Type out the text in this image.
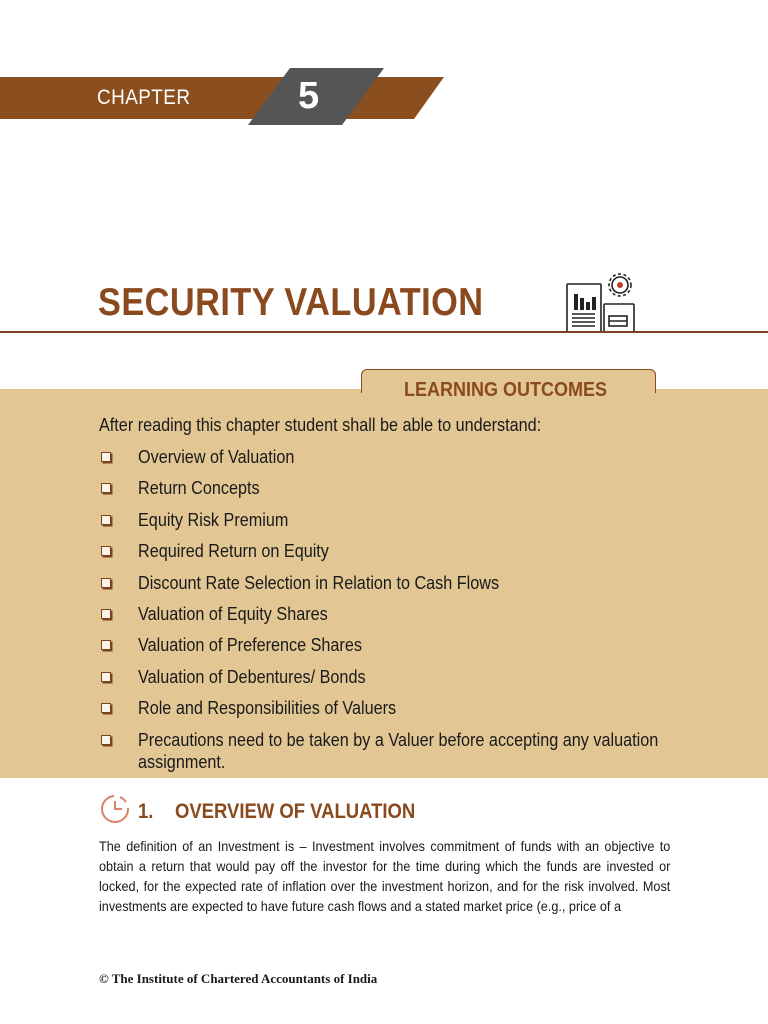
CHAPTER	5
SECURITY VALUATION
LEARNING OUTCOMES

After reading this chapter student shall be able to understand:

Overview of Valuation
Return Concepts
Equity Risk Premium
Required Return on Equity
Discount Rate Selection in Relation to Cash Flows
Valuation of Equity Shares
Valuation of Preference Shares
Valuation of Debentures/ Bonds
Role and Responsibilities of Valuers
Precautions need to be taken by a Valuer before accepting any valuation assignment.
1. OVERVIEW OF VALUATION

The definition of an Investment is – Investment involves commitment of funds with an objective to obtain a return that would pay off the investor for the time during which the funds are invested or locked, for the expected rate of inflation over the investment horizon, and for the risk involved. Most investments are expected to have future cash flows and a stated market price (e.g., price of a

© The Institute of Chartered Accountants of India
